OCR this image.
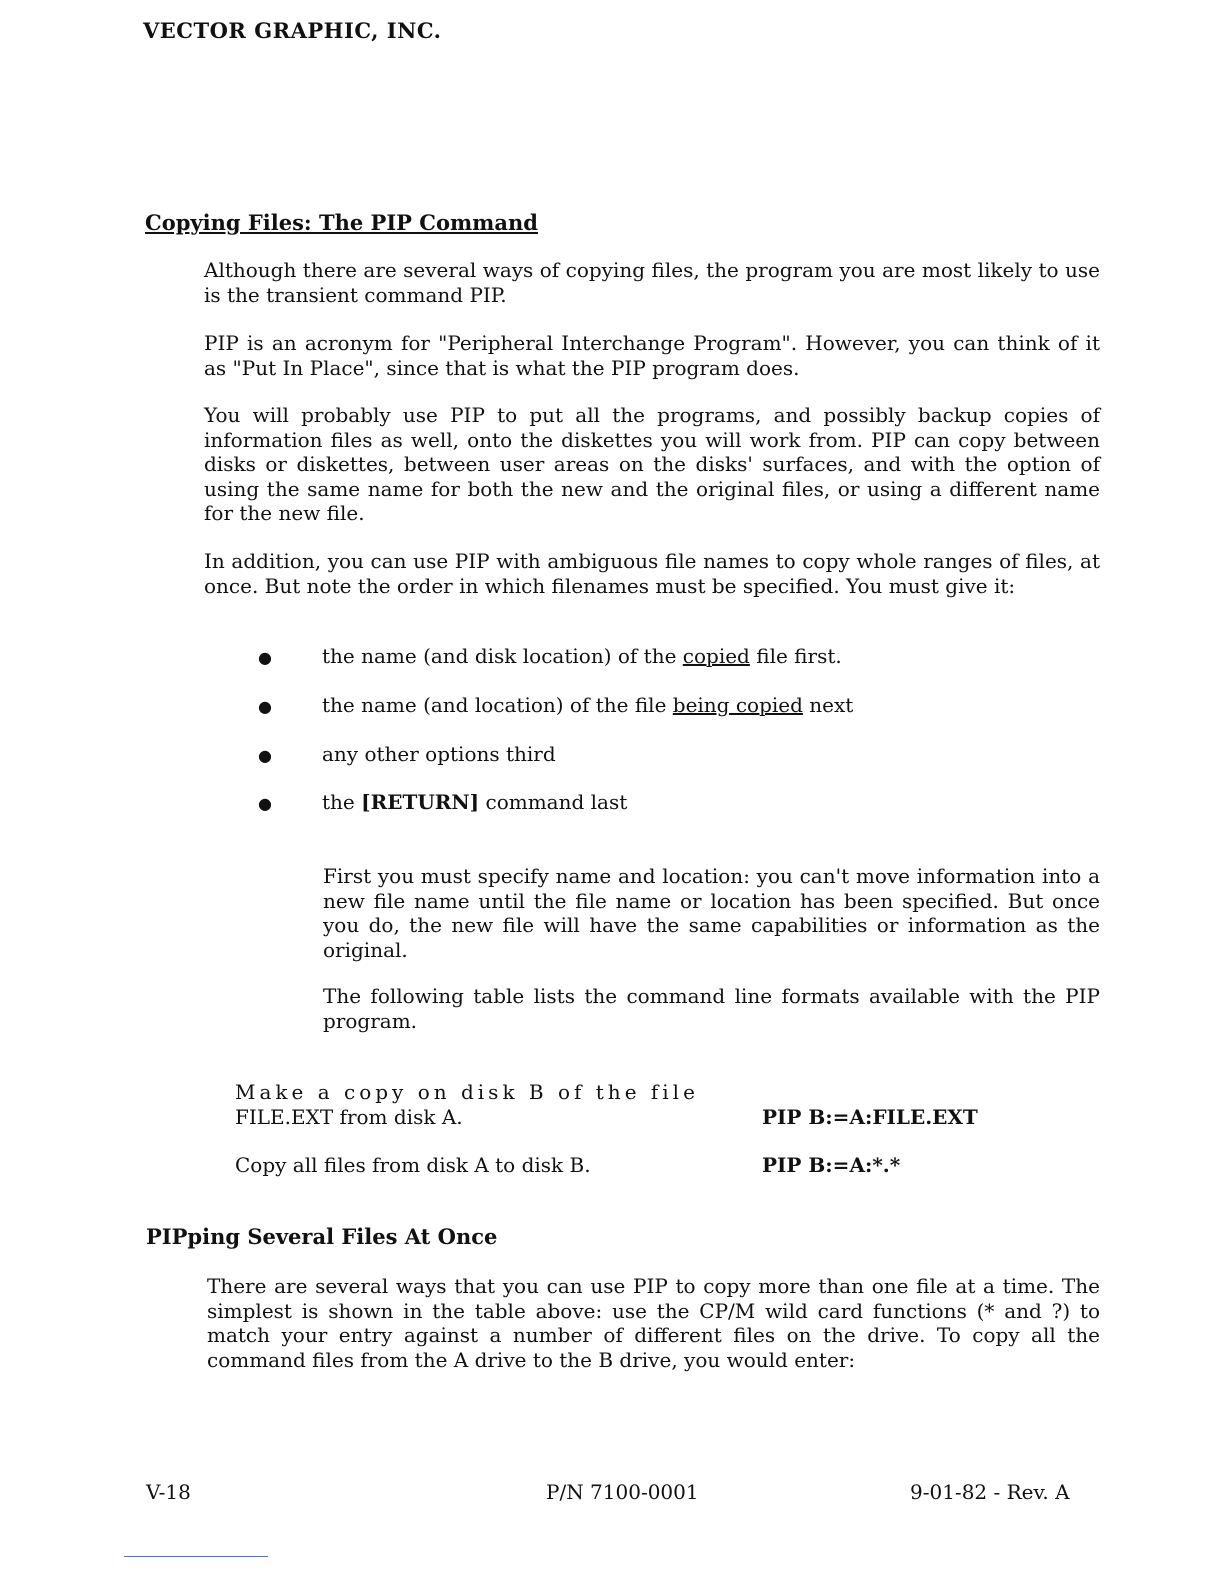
VECTOR GRAPHIC, INC.
Copying Files: The PIP Command
Although there are several ways of copying files, the program you are most likely to use is the transient command PIP.
PIP is an acronym for "Peripheral Interchange Program". However, you can think of it as "Put In Place", since that is what the PIP program does.
You will probably use PIP to put all the programs, and possibly backup copies of information files as well, onto the diskettes you will work from. PIP can copy between disks or diskettes, between user areas on the disks' surfaces, and with the option of using the same name for both the new and the original files, or using a different name for the new file.
In addition, you can use PIP with ambiguous file names to copy whole ranges of files, at once. But note the order in which filenames must be specified. You must give it:
●	the name (and disk location) of the copied file first.
●	the name (and location) of the file being copied next
●	any other options third
●	the [RETURN] command last
First you must specify name and location: you can't move information into a new file name until the file name or location has been specified. But once you do, the new file will have the same capabilities or information as the original.
The following table lists the command line formats available with the PIP program.
Make a copy on disk B of the file
FILE.EXT from disk A.	PIP B:=A:FILE.EXT
Copy all files from disk A to disk B.	PIP B:=A:*.*
PIPping Several Files At Once
There are several ways that you can use PIP to copy more than one file at a time. The simplest is shown in the table above: use the CP/M wild card functions (* and ?) to match your entry against a number of different files on the drive. To copy all the command files from the A drive to the B drive, you would enter:
V-18	P/N 7100-0001	9-01-82 - Rev. A
